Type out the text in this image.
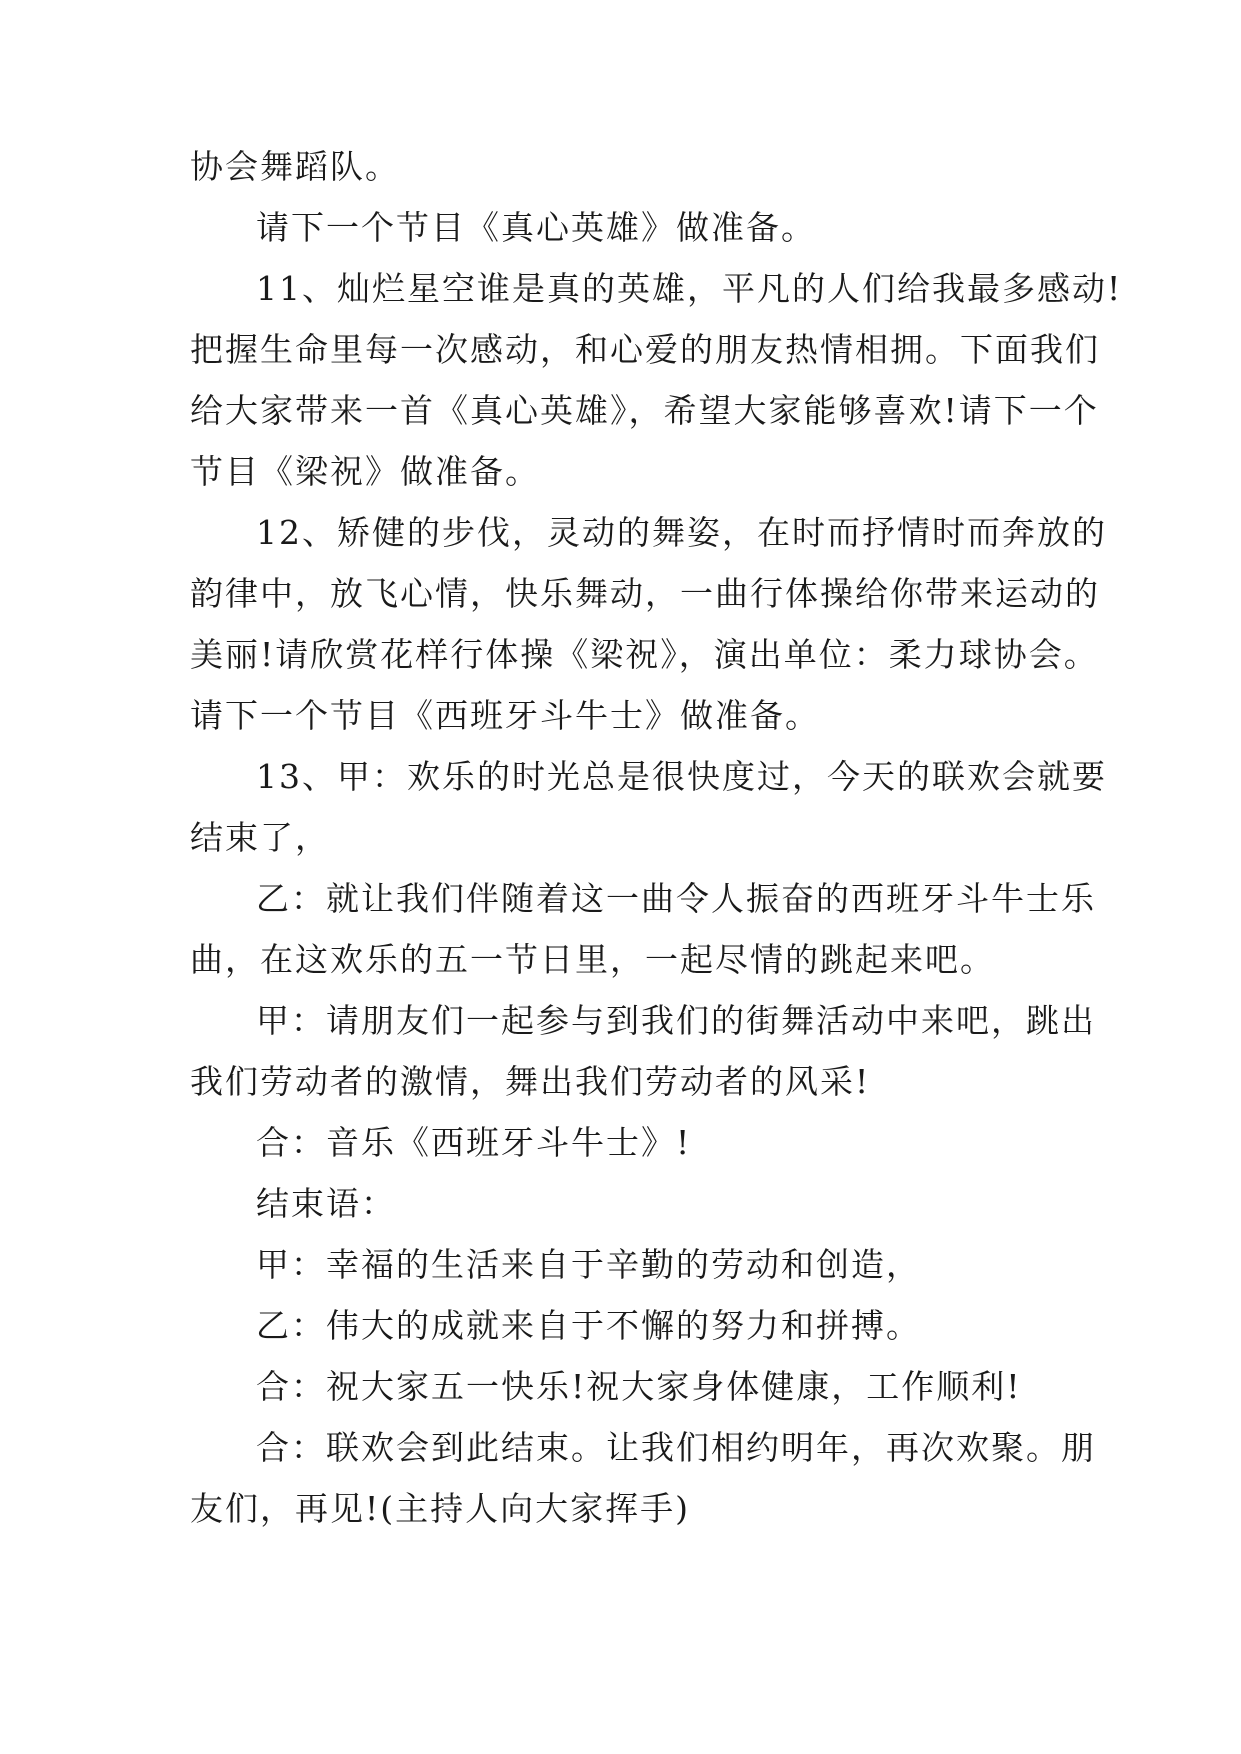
协会舞蹈队。

请下一个节目《真心英雄》做准备。

11、灿烂星空谁是真的英雄，平凡的人们给我最多感动!

把握生命里每一次感动，和心爱的朋友热情相拥。下面我们

给大家带来一首《真心英雄》，希望大家能够喜欢!请下一个

节目《梁祝》做准备。

12、矫健的步伐，灵动的舞姿，在时而抒情时而奔放的

韵律中，放飞心情，快乐舞动，一曲行体操给你带来运动的

美丽!请欣赏花样行体操《梁祝》，演出单位：柔力球协会。

请下一个节目《西班牙斗牛士》做准备。

13、甲：欢乐的时光总是很快度过，今天的联欢会就要

结束了，

乙：就让我们伴随着这一曲令人振奋的西班牙斗牛士乐

曲，在这欢乐的五一节日里，一起尽情的跳起来吧。

甲：请朋友们一起参与到我们的街舞活动中来吧，跳出

我们劳动者的激情，舞出我们劳动者的风采!

合：音乐《西班牙斗牛士》!

结束语：

甲：幸福的生活来自于辛勤的劳动和创造，

乙：伟大的成就来自于不懈的努力和拼搏。

合：祝大家五一快乐!祝大家身体健康，工作顺利!

合：联欢会到此结束。让我们相约明年，再次欢聚。朋

友们，再见!(主持人向大家挥手)
